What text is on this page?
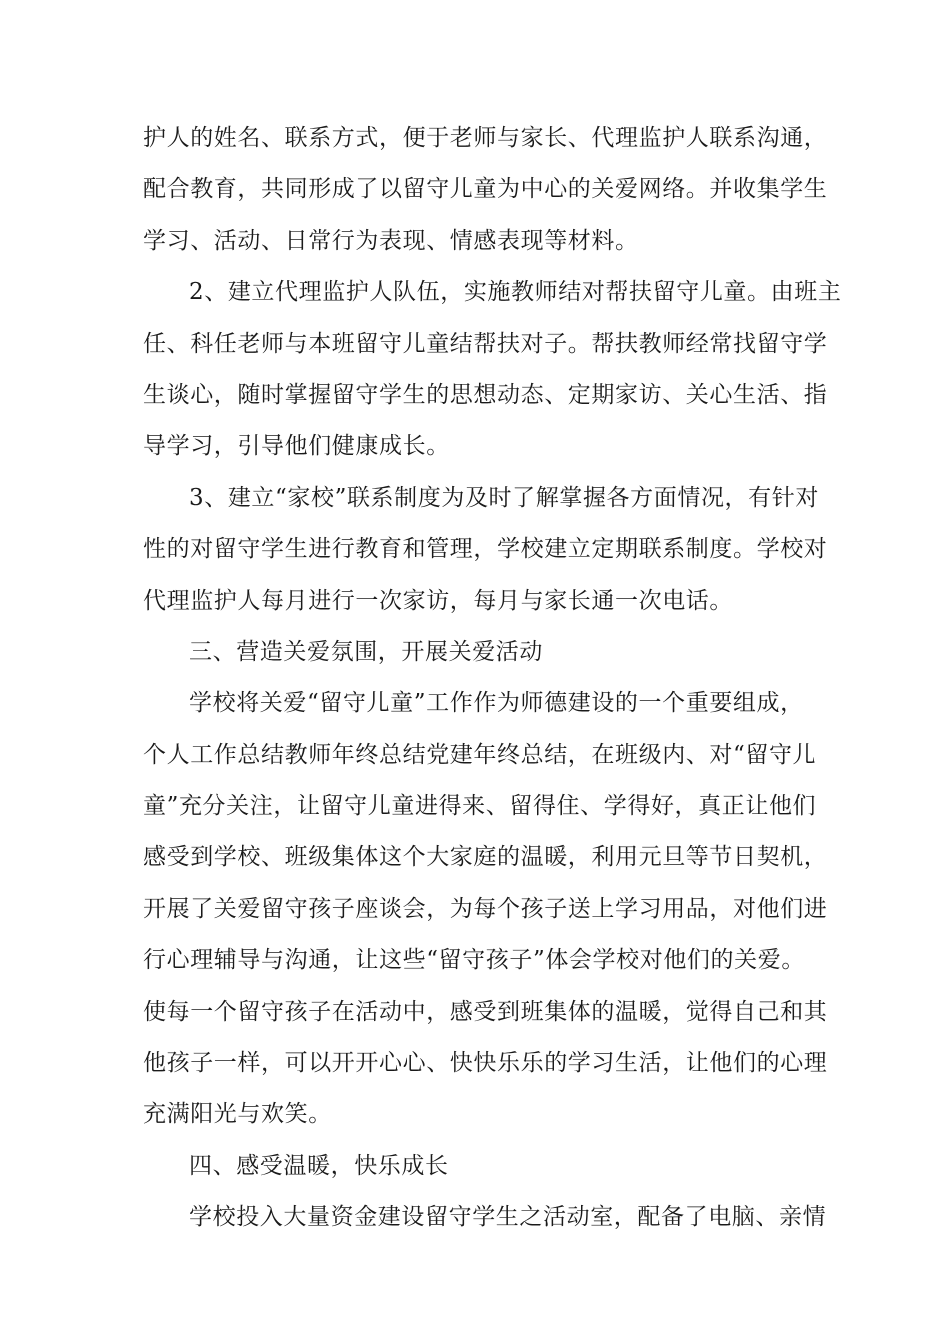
护人的姓名、联系方式，便于老师与家长、代理监护人联系沟通，
配合教育，共同形成了以留守儿童为中心的关爱网络。并收集学生
学习、活动、日常行为表现、情感表现等材料。
2、建立代理监护人队伍，实施教师结对帮扶留守儿童。由班主
任、科任老师与本班留守儿童结帮扶对子。帮扶教师经常找留守学
生谈心，随时掌握留守学生的思想动态、定期家访、关心生活、指
导学习，引导他们健康成长。
3、建立“家校”联系制度为及时了解掌握各方面情况，有针对
性的对留守学生进行教育和管理，学校建立定期联系制度。学校对
代理监护人每月进行一次家访，每月与家长通一次电话。
三、营造关爱氛围，开展关爱活动
学校将关爱“留守儿童”工作作为师德建设的一个重要组成，
个人工作总结教师年终总结党建年终总结，在班级内、对“留守儿
童”充分关注，让留守儿童进得来、留得住、学得好，真正让他们
感受到学校、班级集体这个大家庭的温暖，利用元旦等节日契机，
开展了关爱留守孩子座谈会，为每个孩子送上学习用品，对他们进
行心理辅导与沟通，让这些“留守孩子”体会学校对他们的关爱。
使每一个留守孩子在活动中，感受到班集体的温暖，觉得自己和其
他孩子一样，可以开开心心、快快乐乐的学习生活，让他们的心理
充满阳光与欢笑。
四、感受温暖，快乐成长
学校投入大量资金建设留守学生之活动室，配备了电脑、亲情
